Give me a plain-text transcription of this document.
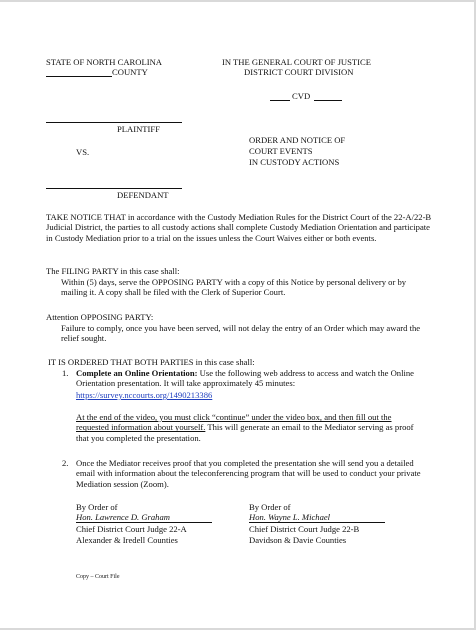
STATE OF NORTH CAROLINA
COUNTY
IN THE GENERAL COURT OF JUSTICE
DISTRICT COURT DIVISION
CVD
PLAINTIFF
VS.
DEFENDANT
ORDER AND NOTICE OF
COURT EVENTS
IN CUSTODY ACTIONS
TAKE NOTICE THAT in accordance with the Custody Mediation Rules for the District Court of the 22-A/22-B Judicial District, the parties to all custody actions shall complete Custody Mediation Orientation and participate in Custody Mediation prior to a trial on the issues unless the Court Waives either or both events.
The FILING PARTY in this case shall:
Within (5) days, serve the OPPOSING PARTY with a copy of this Notice by personal delivery or by mailing it. A copy shall be filed with the Clerk of Superior Court.
Attention OPPOSING PARTY:
Failure to comply, once you have been served, will not delay the entry of an Order which may award the relief sought.
IT IS ORDERED THAT BOTH PARTIES in this case shall:
1. Complete an Online Orientation: Use the following web address to access and watch the Online Orientation presentation. It will take approximately 45 minutes:
https://survey.nccourts.org/1490213386
At the end of the video, you must click “continue” under the video box, and then fill out the requested information about yourself. This will generate an email to the Mediator serving as proof that you completed the presentation.
2. Once the Mediator receives proof that you completed the presentation she will send you a detailed email with information about the teleconferencing program that will be used to conduct your private Mediation session (Zoom).
By Order of
Hon. Lawrence D. Graham
Chief District Court Judge 22-A
Alexander & Iredell Counties
By Order of
Hon. Wayne L. Michael
Chief District Court Judge 22-B
Davidson & Davie Counties
Copy – Court File
